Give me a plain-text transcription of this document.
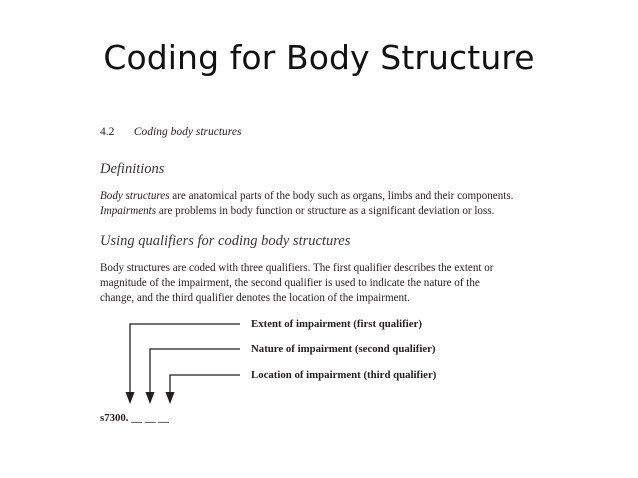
Coding for Body Structure
4.2 Coding body structures
Definitions
Body structures are anatomical parts of the body such as organs, limbs and their components.
Impairments are problems in body function or structure as a significant deviation or loss.
Using qualifiers for coding body structures
Body structures are coded with three qualifiers. The first qualifier describes the extent or
magnitude of the impairment, the second qualifier is used to indicate the nature of the
change, and the third qualifier denotes the location of the impairment.
Extent of impairment (first qualifier)
Nature of impairment (second qualifier)
Location of impairment (third qualifier)
s7300. __ __ __
